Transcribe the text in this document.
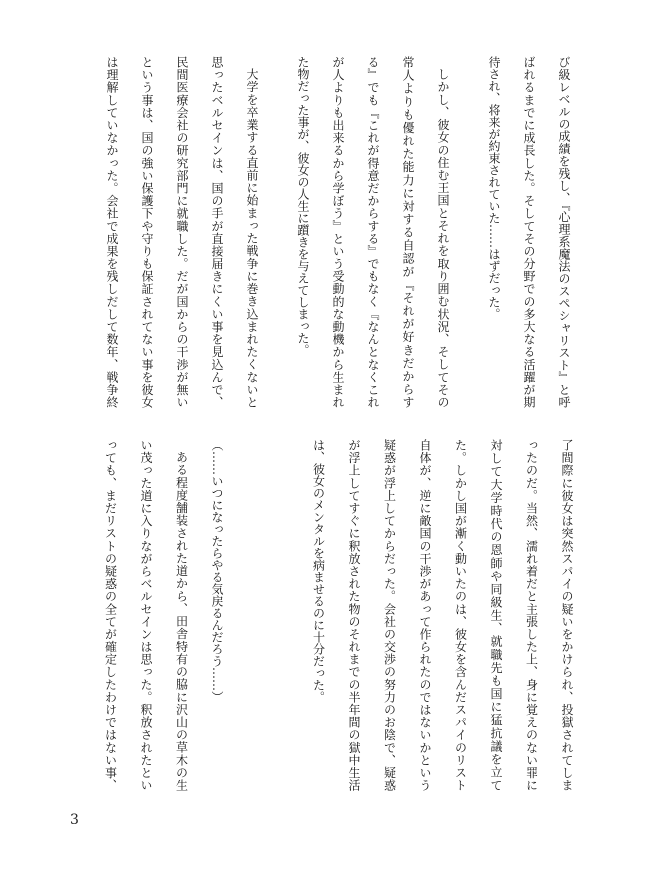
び級レベルの成績を残し、『心理系魔法のスペシャリスト』と呼
ばれるまでに成長した。そしてその分野での多大なる活躍が期
待され、将来が約束されていた……はずだった。
しかし、彼女の住む王国とそれを取り囲む状況、そしてその
常人よりも優れた能力に対する自認が『それが好きだからす
る』でも『これが得意だからする』でもなく『なんとなくこれ
が人よりも出来るから学ぼう』という受動的な動機から生まれ
た物だった事が、彼女の人生に躓きを与えてしまった。
大学を卒業する直前に始まった戦争に巻き込まれたくないと
思ったベルセインは、国の手が直接届きにくい事を見込んで、
民間医療会社の研究部門に就職した。だが国からの干渉が無い
という事は、国の強い保護下や守りも保証されてない事を彼女
は理解していなかった。会社で成果を残しだして数年、戦争終
了間際に彼女は突然スパイの疑いをかけられ、投獄されてしま
ったのだ。当然、濡れ着だと主張した上、身に覚えのない罪に
対して大学時代の恩師や同級生、就職先も国に猛抗議を立て
た。しかし国が漸く動いたのは、彼女を含んだスパイのリスト
自体が、逆に敵国の干渉があって作られたのではないかという
疑惑が浮上してからだった。会社の交渉の努力のお陰で、疑惑
が浮上してすぐに釈放された物のそれまでの半年間の獄中生活
は、彼女のメンタルを病ませるのに十分だった。
（……いつになったらやる気戻るんだろう……）
ある程度舗装された道から、田舎特有の脇に沢山の草木の生
い茂った道に入りながらベルセインは思った。釈放されたとい
っても、まだリストの疑惑の全てが確定したわけではない事、
3
